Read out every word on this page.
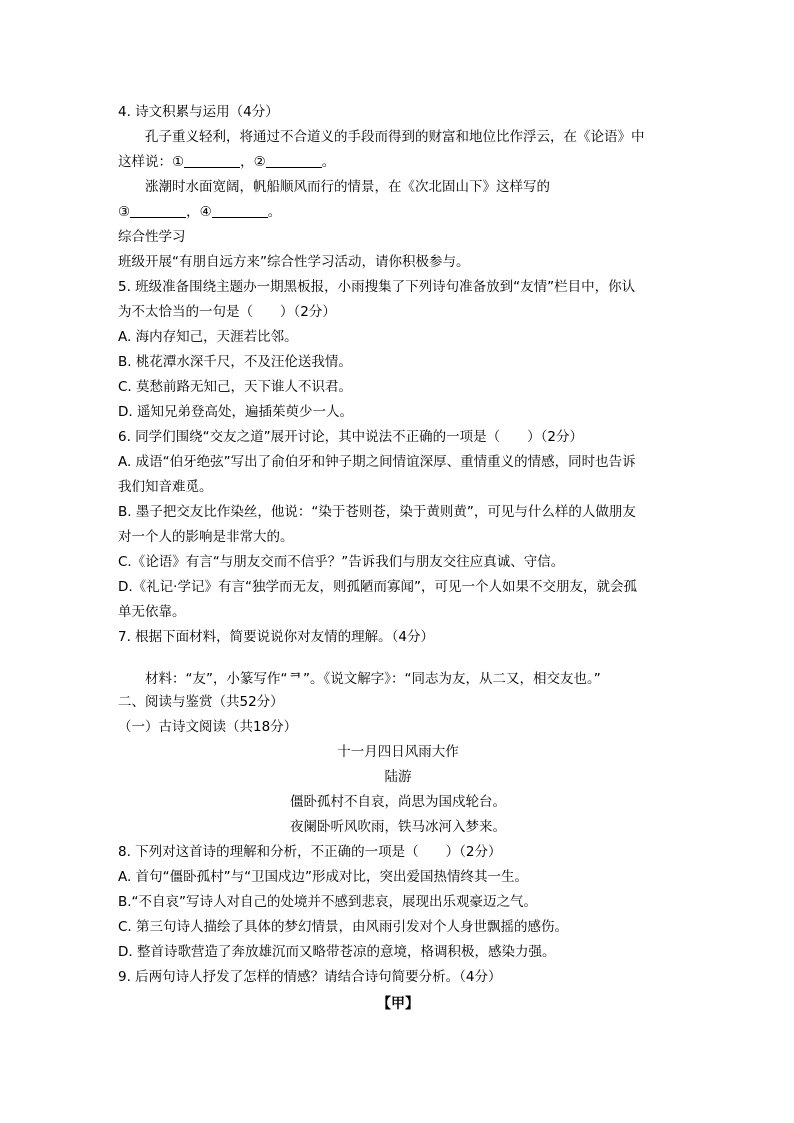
4. 诗文积累与运用（4分）
孔子重义轻利，将通过不合道义的手段而得到的财富和地位比作浮云，在《论语》中
这样说：①	，②	。
涨潮时水面宽阔，帆船顺风而行的情景，在《次北固山下》这样写的
③	，④	。
综合性学习
班级开展“有朋自远方来”综合性学习活动，请你积极参与。
5. 班级准备围绕主题办一期黑板报，小雨搜集了下列诗句准备放到“友情”栏目中，你认
为不太恰当的一句是（　　）（2分）
A. 海内存知己，天涯若比邻。
B. 桃花潭水深千尺，不及汪伦送我情。
C. 莫愁前路无知己，天下谁人不识君。
D. 遥知兄弟登高处，遍插茱萸少一人。
6. 同学们围绕“交友之道”展开讨论，其中说法不正确的一项是（　　）（2分）
A. 成语“伯牙绝弦”写出了俞伯牙和钟子期之间情谊深厚、重情重义的情感，同时也告诉
我们知音难觅。
B. 墨子把交友比作染丝，他说：“染于苍则苍，染于黄则黄”，可见与什么样的人做朋友
对一个人的影响是非常大的。
C.《论语》有言“与朋友交而不信乎？”告诉我们与朋友交往应真诚、守信。
D.《礼记·学记》有言“独学而无友，则孤陋而寡闻”，可见一个人如果不交朋友，就会孤
单无依靠。
7. 根据下面材料，简要说说你对友情的理解。（4分）
材料：“友”，小篆写作“ᆿ”。《说文解字》：“同志为友，从二又，相交友也。”
二、阅读与鉴赏（共52分）
（一）古诗文阅读（共18分）
十一月四日风雨大作
陆游
僵卧孤村不自哀，尚思为国戍轮台。
夜阑卧听风吹雨，铁马冰河入梦来。
8. 下列对这首诗的理解和分析，不正确的一项是（　　）（2分）
A. 首句“僵卧孤村”与“卫国戍边”形成对比，突出爱国热情终其一生。
B.“不自哀”写诗人对自己的处境并不感到悲哀，展现出乐观豪迈之气。
C. 第三句诗人描绘了具体的梦幻情景，由风雨引发对个人身世飘摇的感伤。
D. 整首诗歌营造了奔放雄沉而又略带苍凉的意境，格调积极，感染力强。
9. 后两句诗人抒发了怎样的情感？请结合诗句简要分析。（4分）
【甲】
